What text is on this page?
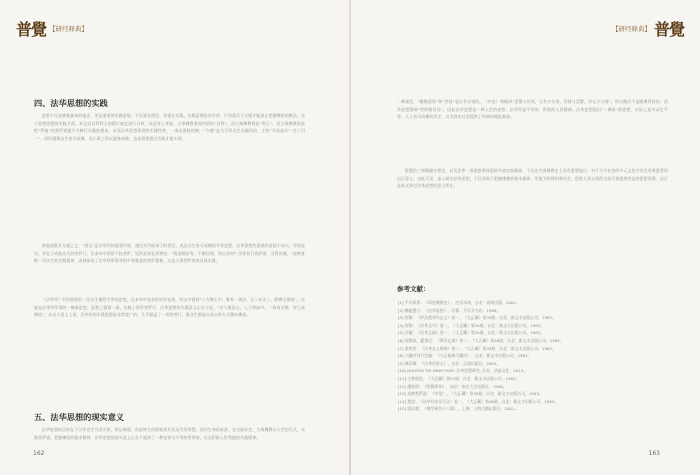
普覺 【研经释典】	普覺
【研经释典】
四、法华思想的实践

思想不仅是佛教義本的观念，更是重要的实践思想，不仅重在理论，更重在实践，实践是理论的升华，只有落实于实践才能真正把握佛陀的教法。对于思想思想的实践方面，本文以自利利人的精行观念进行分析，从总体上来说，小乘佛教重视所谓的“自利”，而大乘佛教则是“利人”，而大乘佛教则是把“利他”的菩萨道提升为修行实践的根本。从而法华思想体现的实践性格，一乘是最终的佛，“方便”是为引导众生而施设的，主张“开权显实”“会三归一”，同时强调众生皆可成佛，而小乘之所以能够成佛，也是需要通过实践才能实现。

善現品推开方便之义，“授记”是法华经的重要内容，通过对声闻弟子的授记，表达众生皆可成佛的平等思想，法华思想所重视的是回小向大、开权显实，更在于成就众生的菩萨行。在本经中的常不轻菩萨，见四众皆礼拜赞叹，“我深敬汝等，不敢轻慢，所以者何？汝等皆行菩萨道，当得作佛。”这种普敬一切众生的实践精神，深刻体现了法华经所倡导的平等慈悲的菩萨精神，这是大乘菩萨道的具体实践。

《法华经》中所展现的一切众生佛性平等的思想，在本经中也有很好的表现，经文中提到“十方佛土中，唯有一乘法，无二亦无三，除佛方便说”，这就是法华经所谓的一佛乘思想。思想上强调一乘，实践上倡导菩萨行，法华思想的实践意义正在于此。“若人散乱心，入于塔庙中，一称南无佛，皆已成佛道”，从这个意义上说，法华经的实践思想是非常宽广的，几乎涵盖了一切的善行，使众生都能以各自的方式趣向佛道。

五、法华思想的现实意义

法华思想的目的在于引导众生究竟实相，即证佛道，由此转生的烦恼到开启众生的智慧，回归生命的本真。在当前社会，大乘佛教以入世的方式，实践菩萨道，把握佛陀的根本精神，法华思想的现实意义正在于提供了一种包容与平等的世界观，以及积极入世利他的实践精神。

一种规范，“解脱道界”和“世间”是应有分别的。《中论》明确讲“涅槃与世间，无有少分别。世间与涅槃，亦无少分别”，所以佛法不是脱离世间的，法华思想强调“世间相常住”，因此法华思想是一种入世的思想，法华经是平等的、积极的入世精神。法华思想提出“一佛乘”的思想，实际上是对众生平等、人人皆可成佛的肯定，这为现实社会提供了和谐的理论基础。

智慧的三谛圆融实相论，以及法华一乘思想所体现的开放包容精神，不仅在中国佛教史上具有重要地位，对于当今社会的多元文化共存也有着重要的启示意义。由此可见，深入研究法华思想，不仅有助于把握佛教的根本精神，更能为构建和谐社会、促进人类文明的交流互鉴提供有益的思想资源，这正是本文探讨法华思想的意义所在。

参考文献：

[1] 平川彰著：《印度佛教史》，庄昆木译，台北：商周出版，2002。

[2] 横超慧日：《法华思想》，京都：平乐寺书店，1969。

[3] 智顗：《妙法莲华经玄义》卷一，《大正藏》第33册，台北：新文丰出版公司，1983。

[4] 智顗：《法华文句》卷一，《大正藏》第34册，台北：新文丰出版公司，1983。

[5] 吉藏：《法华义疏》卷一，《大正藏》第34册，台北：新文丰出版公司，1983。

[6] 智顗说，灌顶记：《摩诃止观》卷一，《大正藏》第46册，台北：新文丰出版公司，1983。

[7] 湛然述：《法华玄义释签》卷一，《大正藏》第33册，台北：新文丰出版公司，1983。

[8] 大藏经刊行会编：《大正新修大藏经》，台北：新文丰出版公司，1983。

[9] 释印顺：《法华经讲义》，台北：正闻出版社，2003。

[10] NGUYEN THI MINH PHAT: 法华思想研究, 台北：法鼓文化，2015。

[11] 大智度论，《大正藏》第25册，台北：新文丰出版公司，1983。

[12] 潘桂明：《智顗评传》，南京：南京大学出版社，1996。

[13] 龙树菩萨造：《中论》，《大正藏》第30册，台北：新文丰出版公司，1983。

[14] 慧思：《法华经安乐行义》卷一，《大正藏》第46册，台北：新文丰出版公司，1983。

[15] 梁启超：《佛学研究十八篇》，上海：上海古籍出版社，2001。

162	163
